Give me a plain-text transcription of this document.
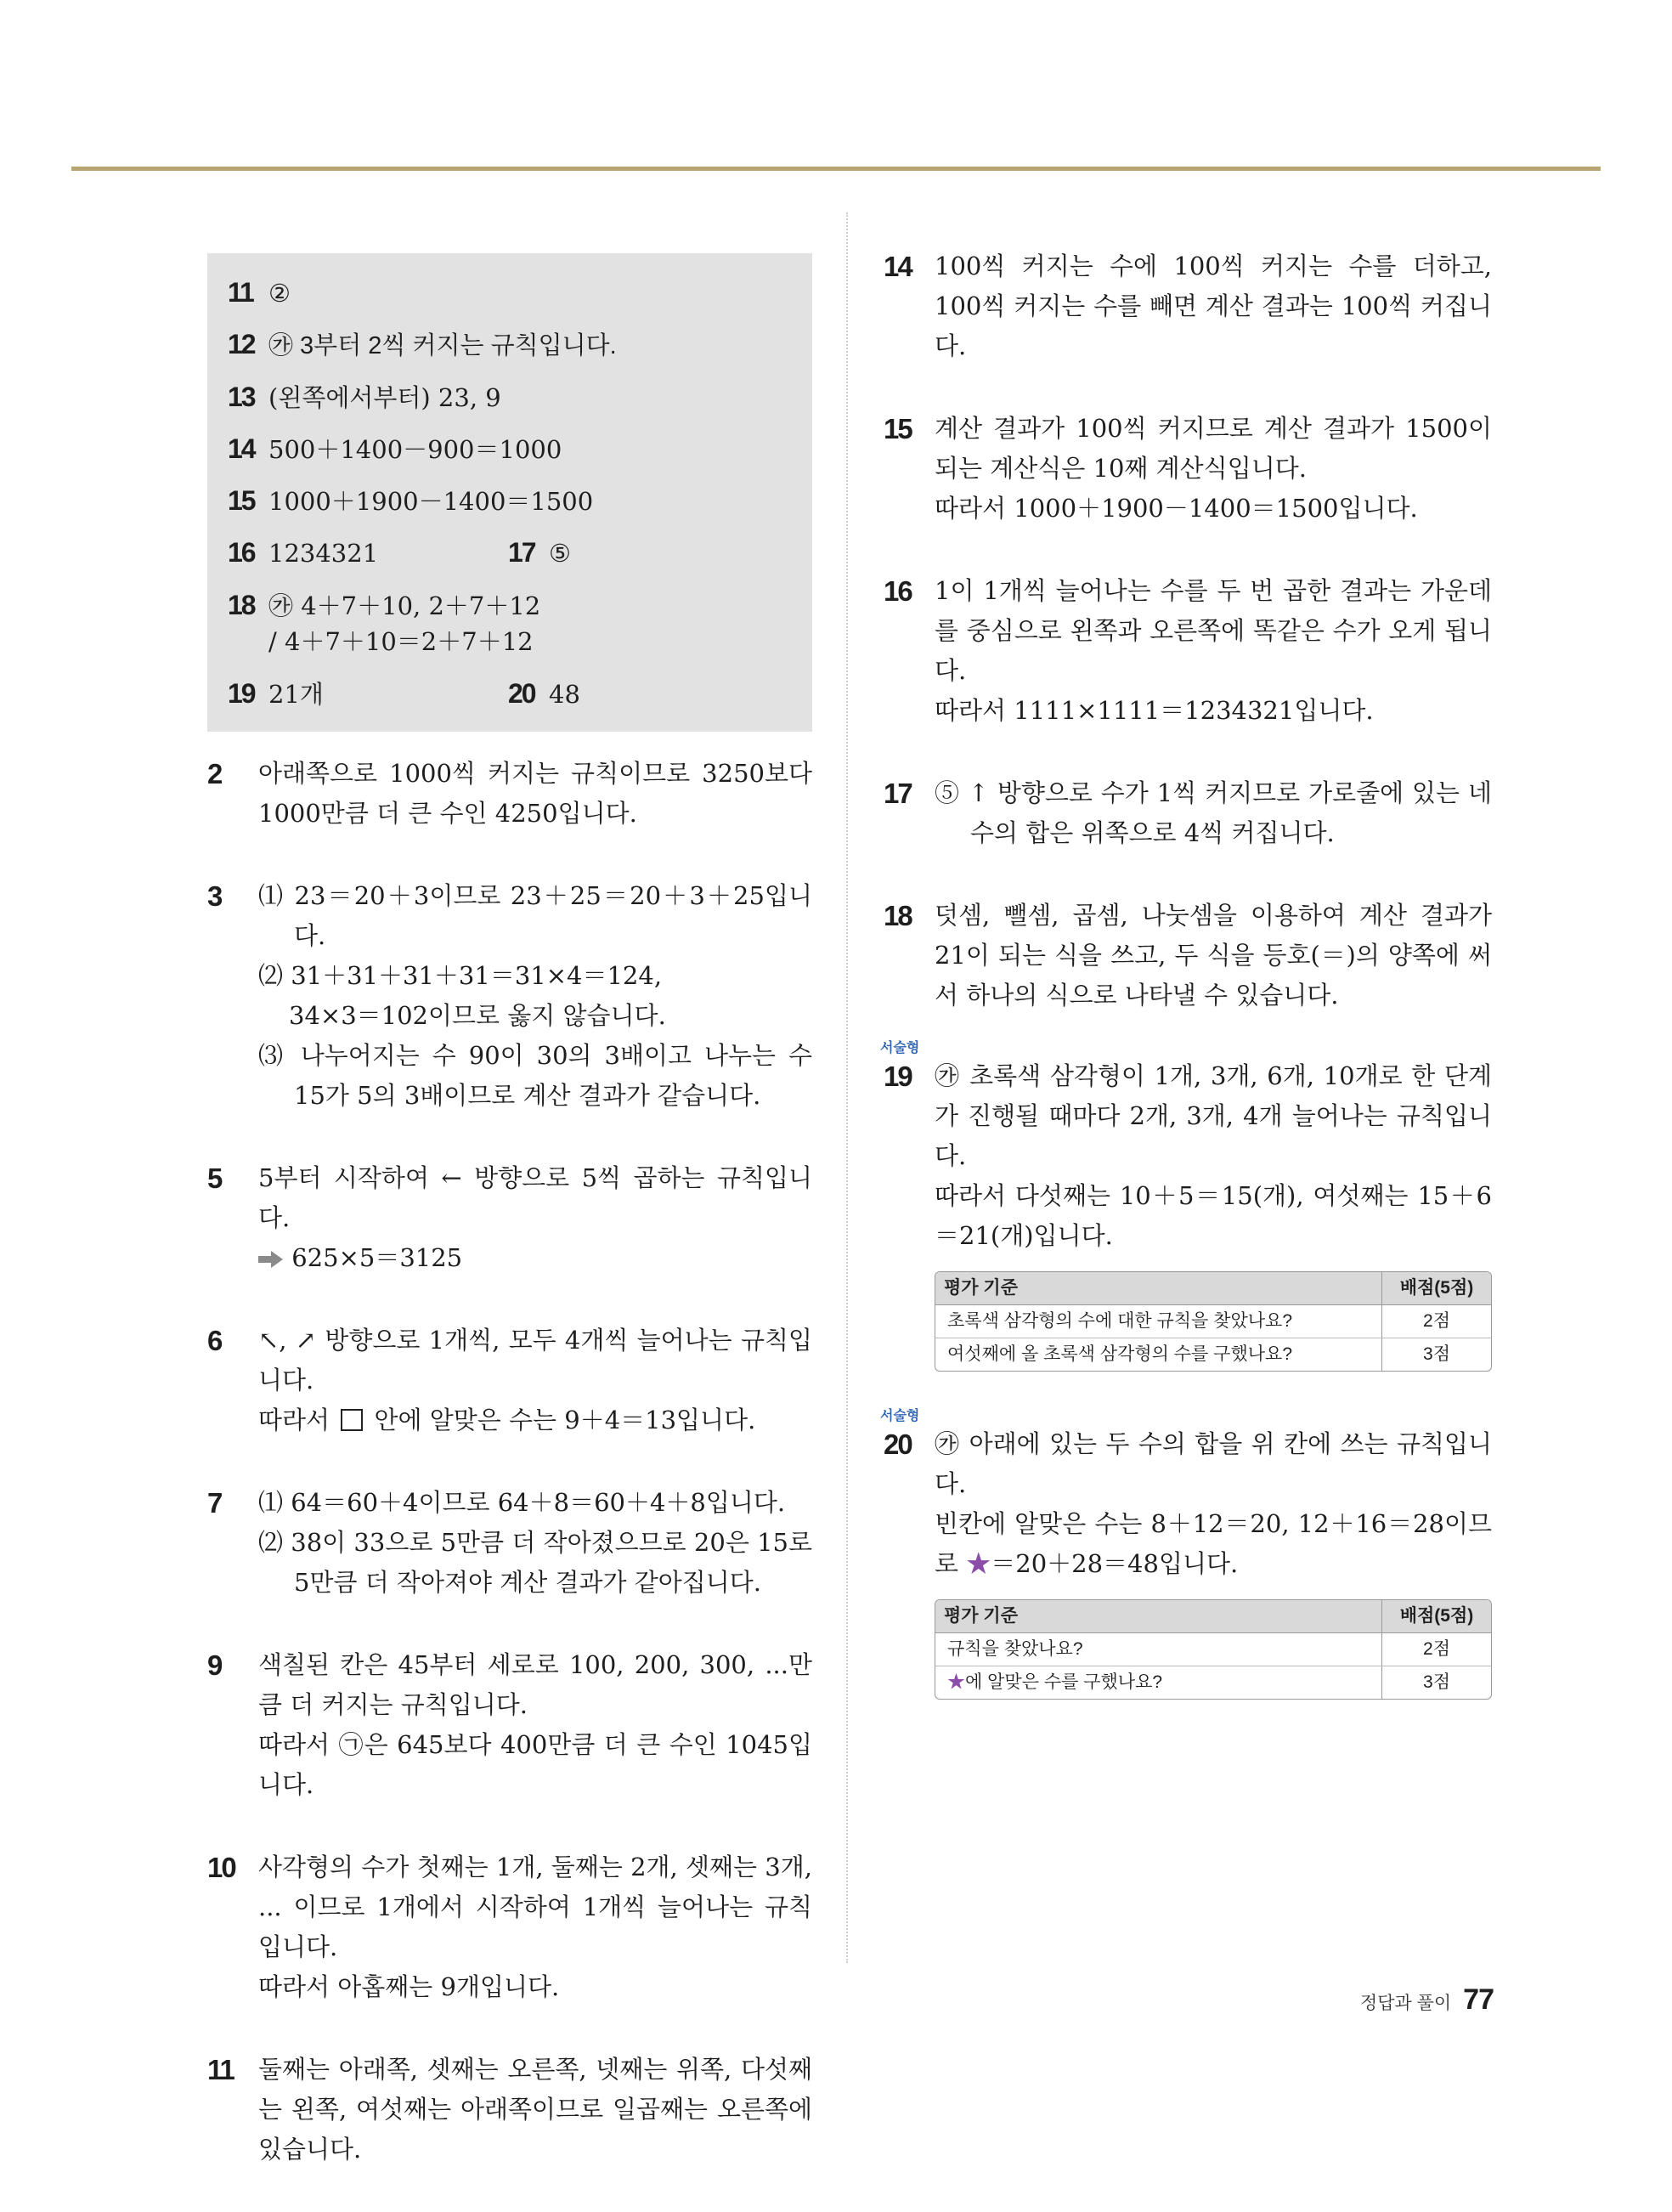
11 ②
12 ㉮ 3부터 2씩 커지는 규칙입니다.
13 (왼쪽에서부터) 23, 9
14 500＋1400－900＝1000
15 1000＋1900－1400＝1500
16 1234321	17 ⑤
18 ㉮ 4＋7＋10, 2＋7＋12
/ 4＋7＋10＝2＋7＋12
19 21개	20 48
2	아래쪽으로 1000씩 커지는 규칙이므로 3250보다 1000만큼 더 큰 수인 4250입니다.

3	⑴ 23＝20＋3이므로 23＋25＝20＋3＋25입니다.

⑵ 31＋31＋31＋31＝31×4＝124,

34×3＝102이므로 옳지 않습니다.

⑶ 나누어지는 수 90이 30의 3배이고 나누는 수 15가 5의 3배이므로 계산 결과가 같습니다.

5	5부터 시작하여 ← 방향으로 5씩 곱하는 규칙입니다.

625×5＝3125

6	↖, ↗ 방향으로 1개씩, 모두 4개씩 늘어나는 규칙입니다.

따라서 안에 알맞은 수는 9＋4＝13입니다.

7	⑴ 64＝60＋4이므로 64＋8＝60＋4＋8입니다.

⑵ 38이 33으로 5만큼 더 작아졌으므로 20은 15로 5만큼 더 작아져야 계산 결과가 같아집니다.

9	색칠된 칸은 45부터 세로로 100, 200, 300, ...만큼 더 커지는 규칙입니다.

따라서 ㉠은 645보다 400만큼 더 큰 수인 1045입니다.

10 사각형의 수가 첫째는 1개, 둘째는 2개, 셋째는 3개, ... 이므로 1개에서 시작하여 1개씩 늘어나는 규칙입니다.

따라서 아홉째는 9개입니다.

11	둘째는 아래쪽, 셋째는 오른쪽, 넷째는 위쪽, 다섯째는 왼쪽, 여섯째는 아래쪽이므로 일곱째는 오른쪽에 있습니다.

14 100씩 커지는 수에 100씩 커지는 수를 더하고, 100씩 커지는 수를 빼면 계산 결과는 100씩 커집니다.

15 계산 결과가 100씩 커지므로 계산 결과가 1500이 되는 계산식은 10째 계산식입니다.

따라서 1000＋1900－1400＝1500입니다.

16 1이 1개씩 늘어나는 수를 두 번 곱한 결과는 가운데를 중심으로 왼쪽과 오른쪽에 똑같은 수가 오게 됩니다.

따라서 1111×1111＝1234321입니다.

17 ⑤ ↑ 방향으로 수가 1씩 커지므로 가로줄에 있는 네 수의 합은 위쪽으로 4씩 커집니다.

18 덧셈, 뺄셈, 곱셈, 나눗셈을 이용하여 계산 결과가 21이 되는 식을 쓰고, 두 식을 등호(＝)의 양쪽에 써서 하나의 식으로 나타낼 수 있습니다.

서술형
19 ㉮ 초록색 삼각형이 1개, 3개, 6개, 10개로 한 단계가 진행될 때마다 2개, 3개, 4개 늘어나는 규칙입니다.

따라서 다섯째는 10＋5＝15(개), 여섯째는 15＋6＝21(개)입니다.

평가 기준	배점(5점)
초록색 삼각형의 수에 대한 규칙을 찾았나요?	2점
여섯째에 올 초록색 삼각형의 수를 구했나요?	3점
서술형
20 ㉮ 아래에 있는 두 수의 합을 위 칸에 쓰는 규칙입니다.

빈칸에 알맞은 수는 8＋12＝20, 12＋16＝28이므로 ★＝20＋28＝48입니다.

평가 기준	배점(5점)
규칙을 찾았나요?	2점
★에 알맞은 수를 구했나요?	3점
정답과 풀이 77
